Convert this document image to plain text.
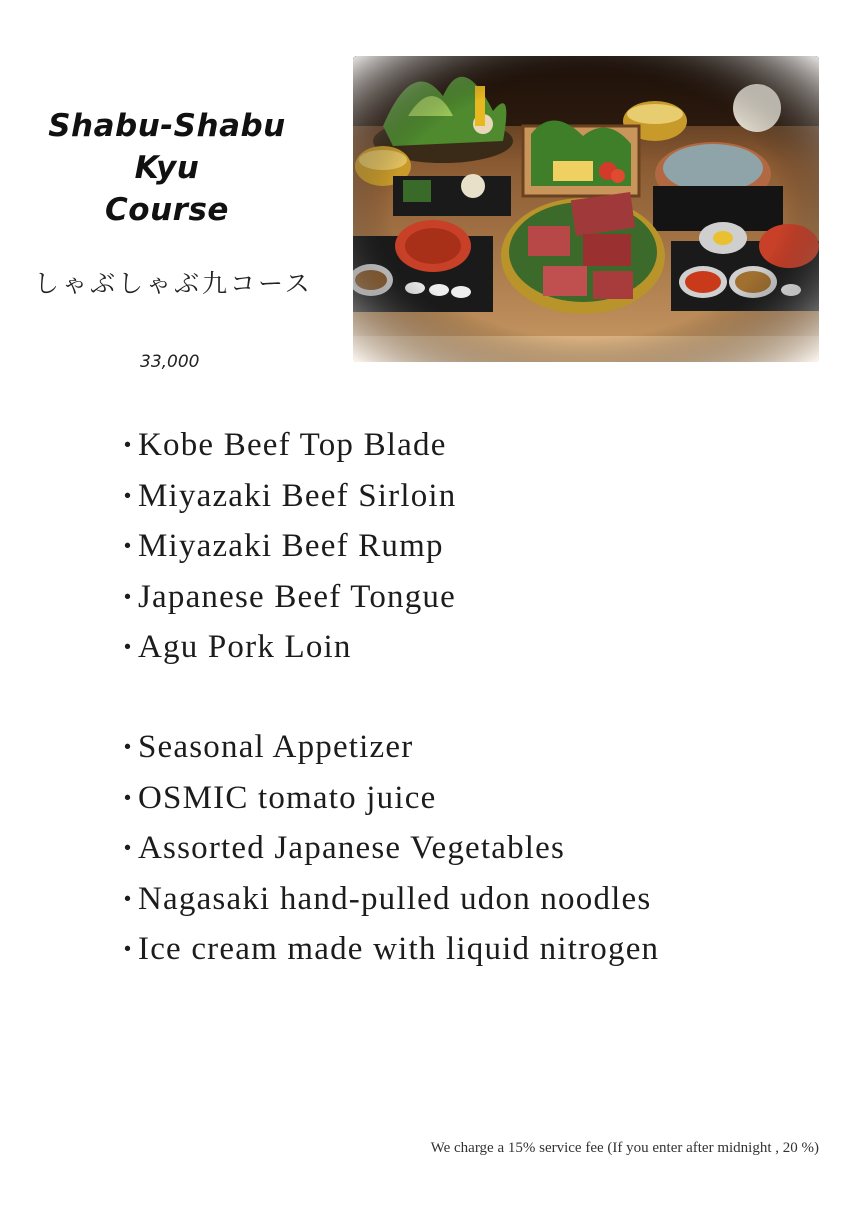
Shabu-Shabu
Kyu
Course
しゃぶしゃぶ九コース
33,000
· Kobe Beef Top Blade
· Miyazaki Beef Sirloin
· Miyazaki Beef Rump
· Japanese Beef Tongue
· Agu Pork Loin
· Seasonal Appetizer
· OSMIC tomato juice
· Assorted Japanese Vegetables
· Nagasaki hand-pulled udon noodles
· Ice cream made with liquid nitrogen
We charge a 15% service fee (If you enter after midnight , 20 %)
